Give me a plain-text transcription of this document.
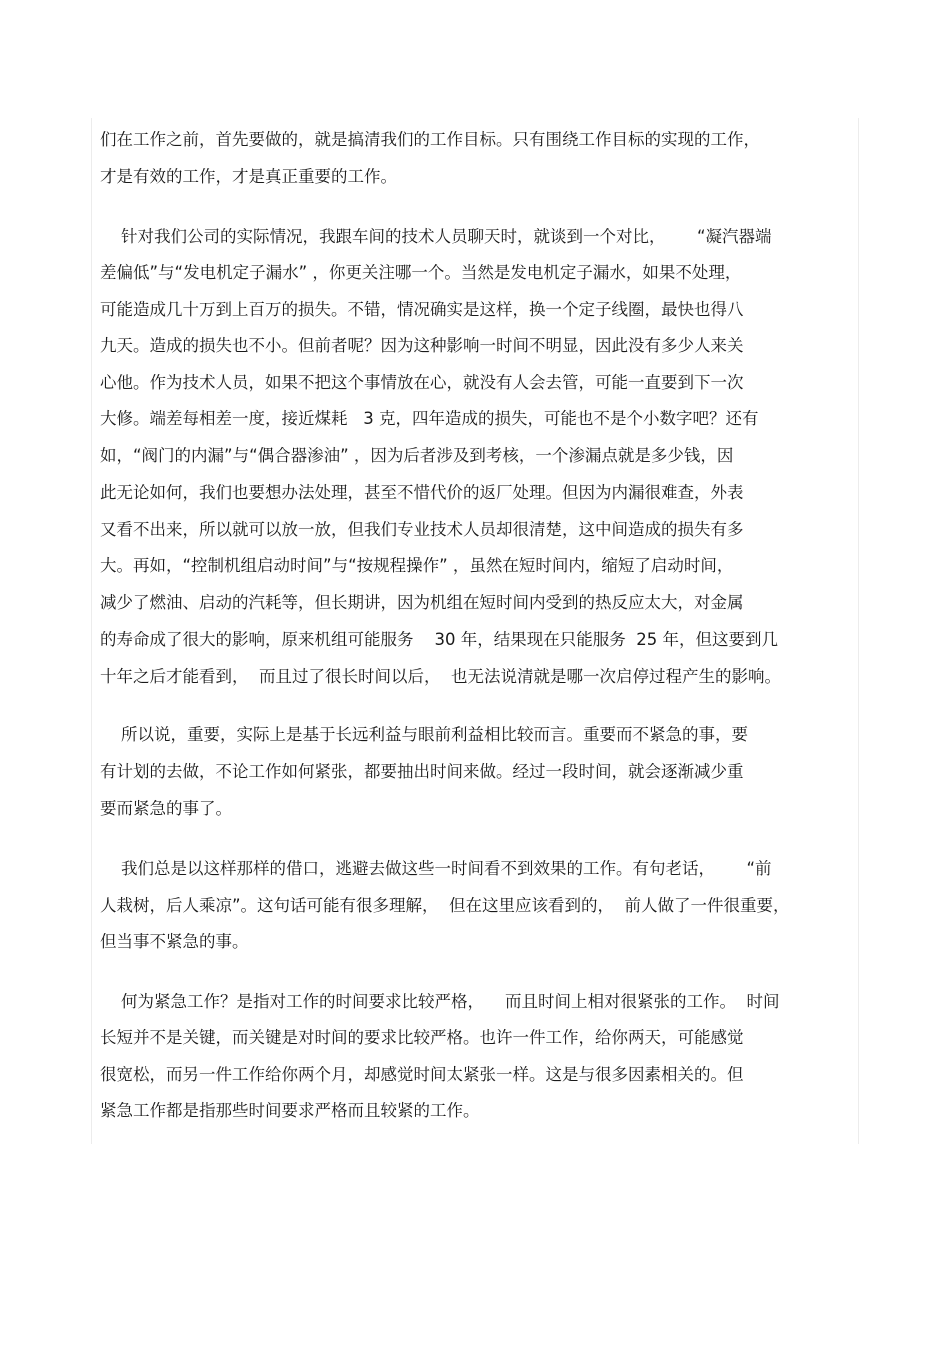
们在工作之前，首先要做的，就是搞清我们的工作目标。只有围绕工作目标的实现的工作，
才是有效的工作，才是真正重要的工作。
针对我们公司的实际情况，我跟车间的技术人员聊天时，就谈到一个对比，      “凝汽器端
差偏低”与“发电机定子漏水” ，你更关注哪一个。当然是发电机定子漏水，如果不处理，
可能造成几十万到上百万的损失。不错，情况确实是这样，换一个定子线圈，最快也得八
九天。造成的损失也不小。但前者呢？因为这种影响一时间不明显，因此没有多少人来关
心他。作为技术人员，如果不把这个事情放在心，就没有人会去管，可能一直要到下一次
大修。端差每相差一度，接近煤耗   3 克，四年造成的损失，可能也不是个小数字吧？还有
如，“阀门的内漏”与“偶合器渗油” ，因为后者涉及到考核，一个渗漏点就是多少钱，因
此无论如何，我们也要想办法处理，甚至不惜代价的返厂处理。但因为内漏很难查，外表
又看不出来，所以就可以放一放，但我们专业技术人员却很清楚，这中间造成的损失有多
大。再如，“控制机组启动时间”与“按规程操作” ，虽然在短时间内，缩短了启动时间，
减少了燃油、启动的汽耗等，但长期讲，因为机组在短时间内受到的热反应太大，对金属
的寿命成了很大的影响，原来机组可能服务    30 年，结果现在只能服务  25 年，但这要到几
十年之后才能看到，  而且过了很长时间以后，  也无法说清就是哪一次启停过程产生的影响。
所以说，重要，实际上是基于长远利益与眼前利益相比较而言。重要而不紧急的事，要
有计划的去做，不论工作如何紧张，都要抽出时间来做。经过一段时间，就会逐渐减少重
要而紧急的事了。
我们总是以这样那样的借口，逃避去做这些一时间看不到效果的工作。有句老话，      “前
人栽树，后人乘凉”。这句话可能有很多理解，  但在这里应该看到的，  前人做了一件很重要，
但当事不紧急的事。
何为紧急工作？是指对工作的时间要求比较严格，    而且时间上相对很紧张的工作。  时间
长短并不是关键，而关键是对时间的要求比较严格。也许一件工作，给你两天，可能感觉
很宽松，而另一件工作给你两个月，却感觉时间太紧张一样。这是与很多因素相关的。但
紧急工作都是指那些时间要求严格而且较紧的工作。
